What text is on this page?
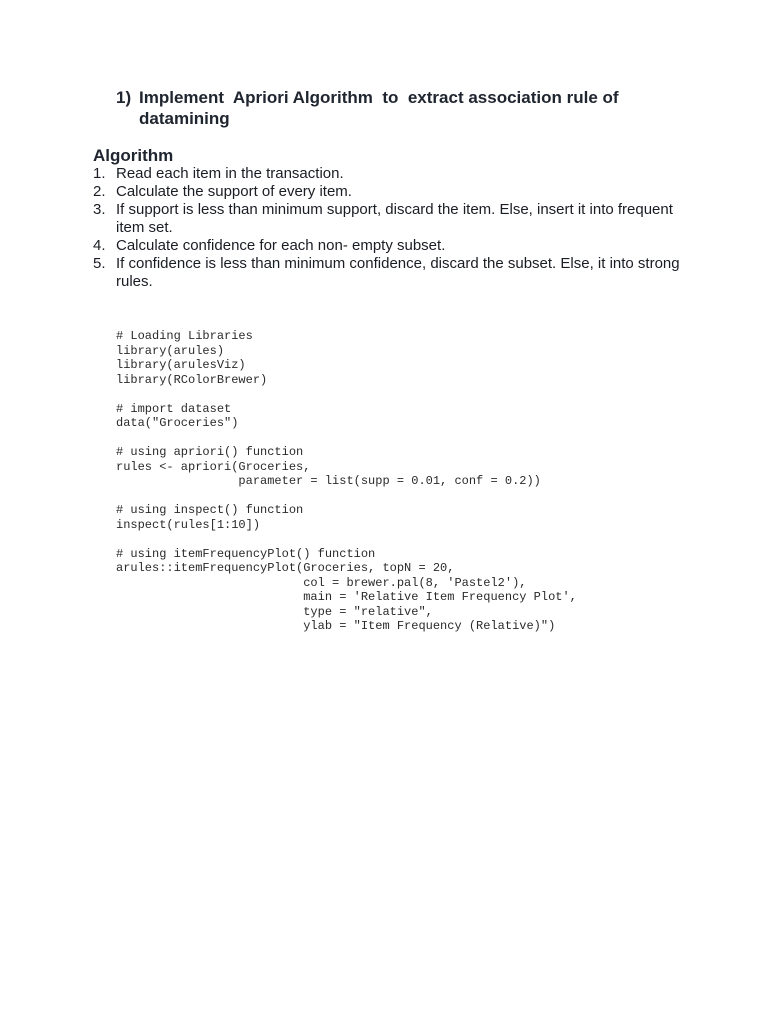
1) Implement  Apriori Algorithm  to  extract association rule of datamining
Algorithm
1. Read each item in the transaction.
2. Calculate the support of every item.
3. If support is less than minimum support, discard the item. Else, insert it into frequent item set.
4. Calculate confidence for each non- empty subset.
5. If confidence is less than minimum confidence, discard the subset. Else, it into strong rules.
# Loading Libraries
library(arules)
library(arulesViz)
library(RColorBrewer)
# import dataset
data("Groceries")
# using apriori() function
rules <- apriori(Groceries,
parameter = list(supp = 0.01, conf = 0.2))
# using inspect() function
inspect(rules[1:10])
# using itemFrequencyPlot() function
arules::itemFrequencyPlot(Groceries, topN = 20,
col = brewer.pal(8, 'Pastel2'),
main = 'Relative Item Frequency Plot',
type = "relative",
ylab = "Item Frequency (Relative)")
